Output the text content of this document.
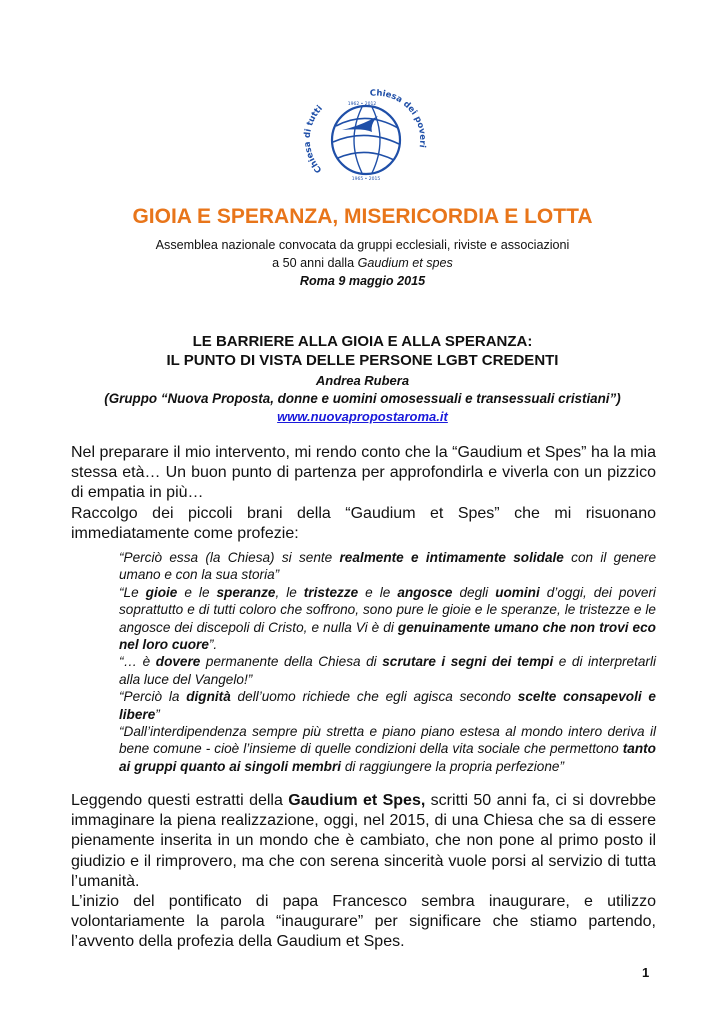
Chiesa di tutti
Chiesa dei poveri
1962 • 2012
1965 • 2015
GIOIA E SPERANZA, MISERICORDIA E LOTTA
Assemblea nazionale convocata da gruppi ecclesiali, riviste e associazioni
a 50 anni dalla Gaudium et spes
Roma 9 maggio 2015
LE BARRIERE ALLA GIOIA E ALLA SPERANZA:
IL PUNTO DI VISTA DELLE PERSONE LGBT CREDENTI
Andrea Rubera
(Gruppo “Nuova Proposta, donne e uomini omosessuali e transessuali cristiani”)
www.nuovapropostaroma.it

Nel preparare il mio intervento, mi rendo conto che la “Gaudium et Spes” ha la mia stessa età… Un buon punto di partenza per approfondirla e viverla con un pizzico di empatia in più…

Raccolgo dei piccoli brani della “Gaudium et Spes” che mi risuonano immediatamente come profezie:

“Perciò essa (la Chiesa) si sente realmente e intimamente solidale con il genere umano e con la sua storia”

“Le gioie e le speranze, le tristezze e le angosce degli uomini d’oggi, dei poveri soprattutto e di tutti coloro che soffrono, sono pure le gioie e le speranze, le tristezze e le angosce dei discepoli di Cristo, e nulla Vi è di genuinamente umano che non trovi eco nel loro cuore”.

“… è dovere permanente della Chiesa di scrutare i segni dei tempi e di interpretarli alla luce del Vangelo!”

“Perciò la dignità dell’uomo richiede che egli agisca secondo scelte consapevoli e libere”

“Dall’interdipendenza sempre più stretta e piano piano estesa al mondo intero deriva il bene comune - cioè l’insieme di quelle condizioni della vita sociale che permettono tanto ai gruppi quanto ai singoli membri di raggiungere la propria perfezione”

Leggendo questi estratti della Gaudium et Spes, scritti 50 anni fa, ci si dovrebbe immaginare la piena realizzazione, oggi, nel 2015, di una Chiesa che sa di essere pienamente inserita in un mondo che è cambiato, che non pone al primo posto il giudizio e il rimprovero, ma che con serena sincerità vuole porsi al servizio di tutta l’umanità.

L’inizio del pontificato di papa Francesco sembra inaugurare, e utilizzo volontariamente la parola “inaugurare” per significare che stiamo partendo, l’avvento della profezia della Gaudium et Spes.

1
